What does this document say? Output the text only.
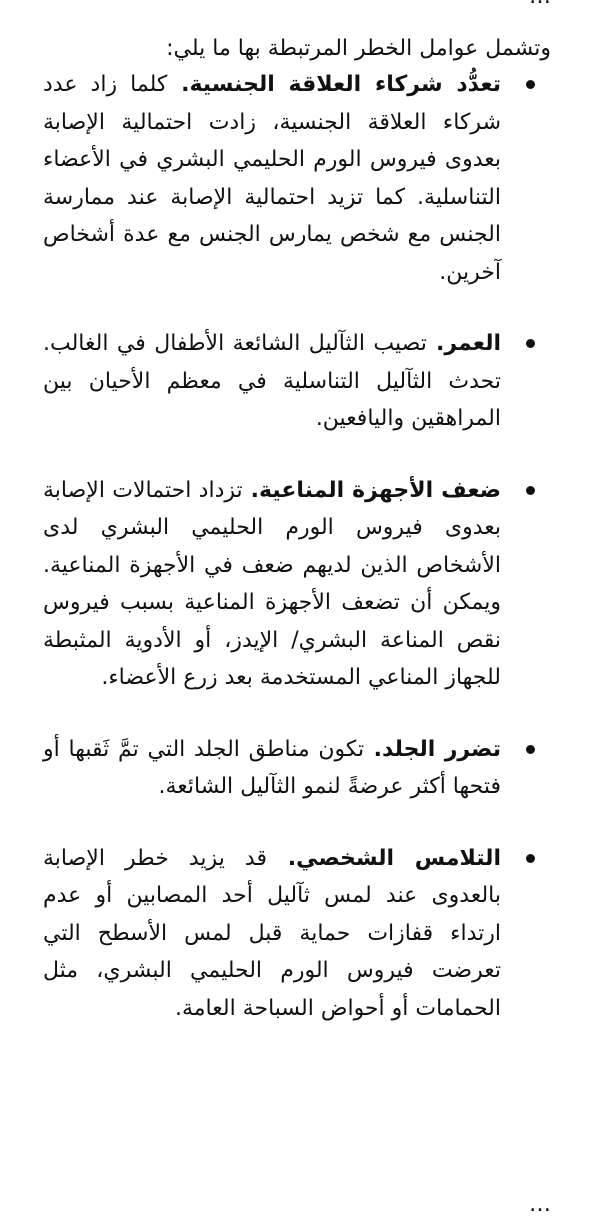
وتشمل عوامل الخطر المرتبطة بها ما يلي:

تعدُّد شركاء العلاقة الجنسية. كلما زاد عدد شركاء العلاقة الجنسية، زادت احتمالية الإصابة بعدوى فيروس الورم الحليمي البشري في الأعضاء التناسلية. كما تزيد احتمالية الإصابة عند ممارسة الجنس مع شخص يمارس الجنس مع عدة أشخاص آخرين.
العمر. تصيب الثآليل الشائعة الأطفال في الغالب. تحدث الثآليل التناسلية في معظم الأحيان بين المراهقين واليافعين.
ضعف الأجهزة المناعية. تزداد احتمالات الإصابة بعدوى فيروس الورم الحليمي البشري لدى الأشخاص الذين لديهم ضعف في الأجهزة المناعية. ويمكن أن تضعف الأجهزة المناعية بسبب فيروس نقص المناعة البشري/ الإيدز، أو الأدوية المثبطة للجهاز المناعي المستخدمة بعد زرع الأعضاء.
تضرر الجلد. تكون مناطق الجلد التي تمَّ ثَقبها أو فتحها أكثر عرضةً لنمو الثآليل الشائعة.
التلامس الشخصي. قد يزيد خطر الإصابة بالعدوى عند لمس ثآليل أحد المصابين أو عدم ارتداء قفازات حماية قبل لمس الأسطح التي تعرضت فيروس الورم الحليمي البشري، مثل الحمامات أو أحواض السباحة العامة.
…
